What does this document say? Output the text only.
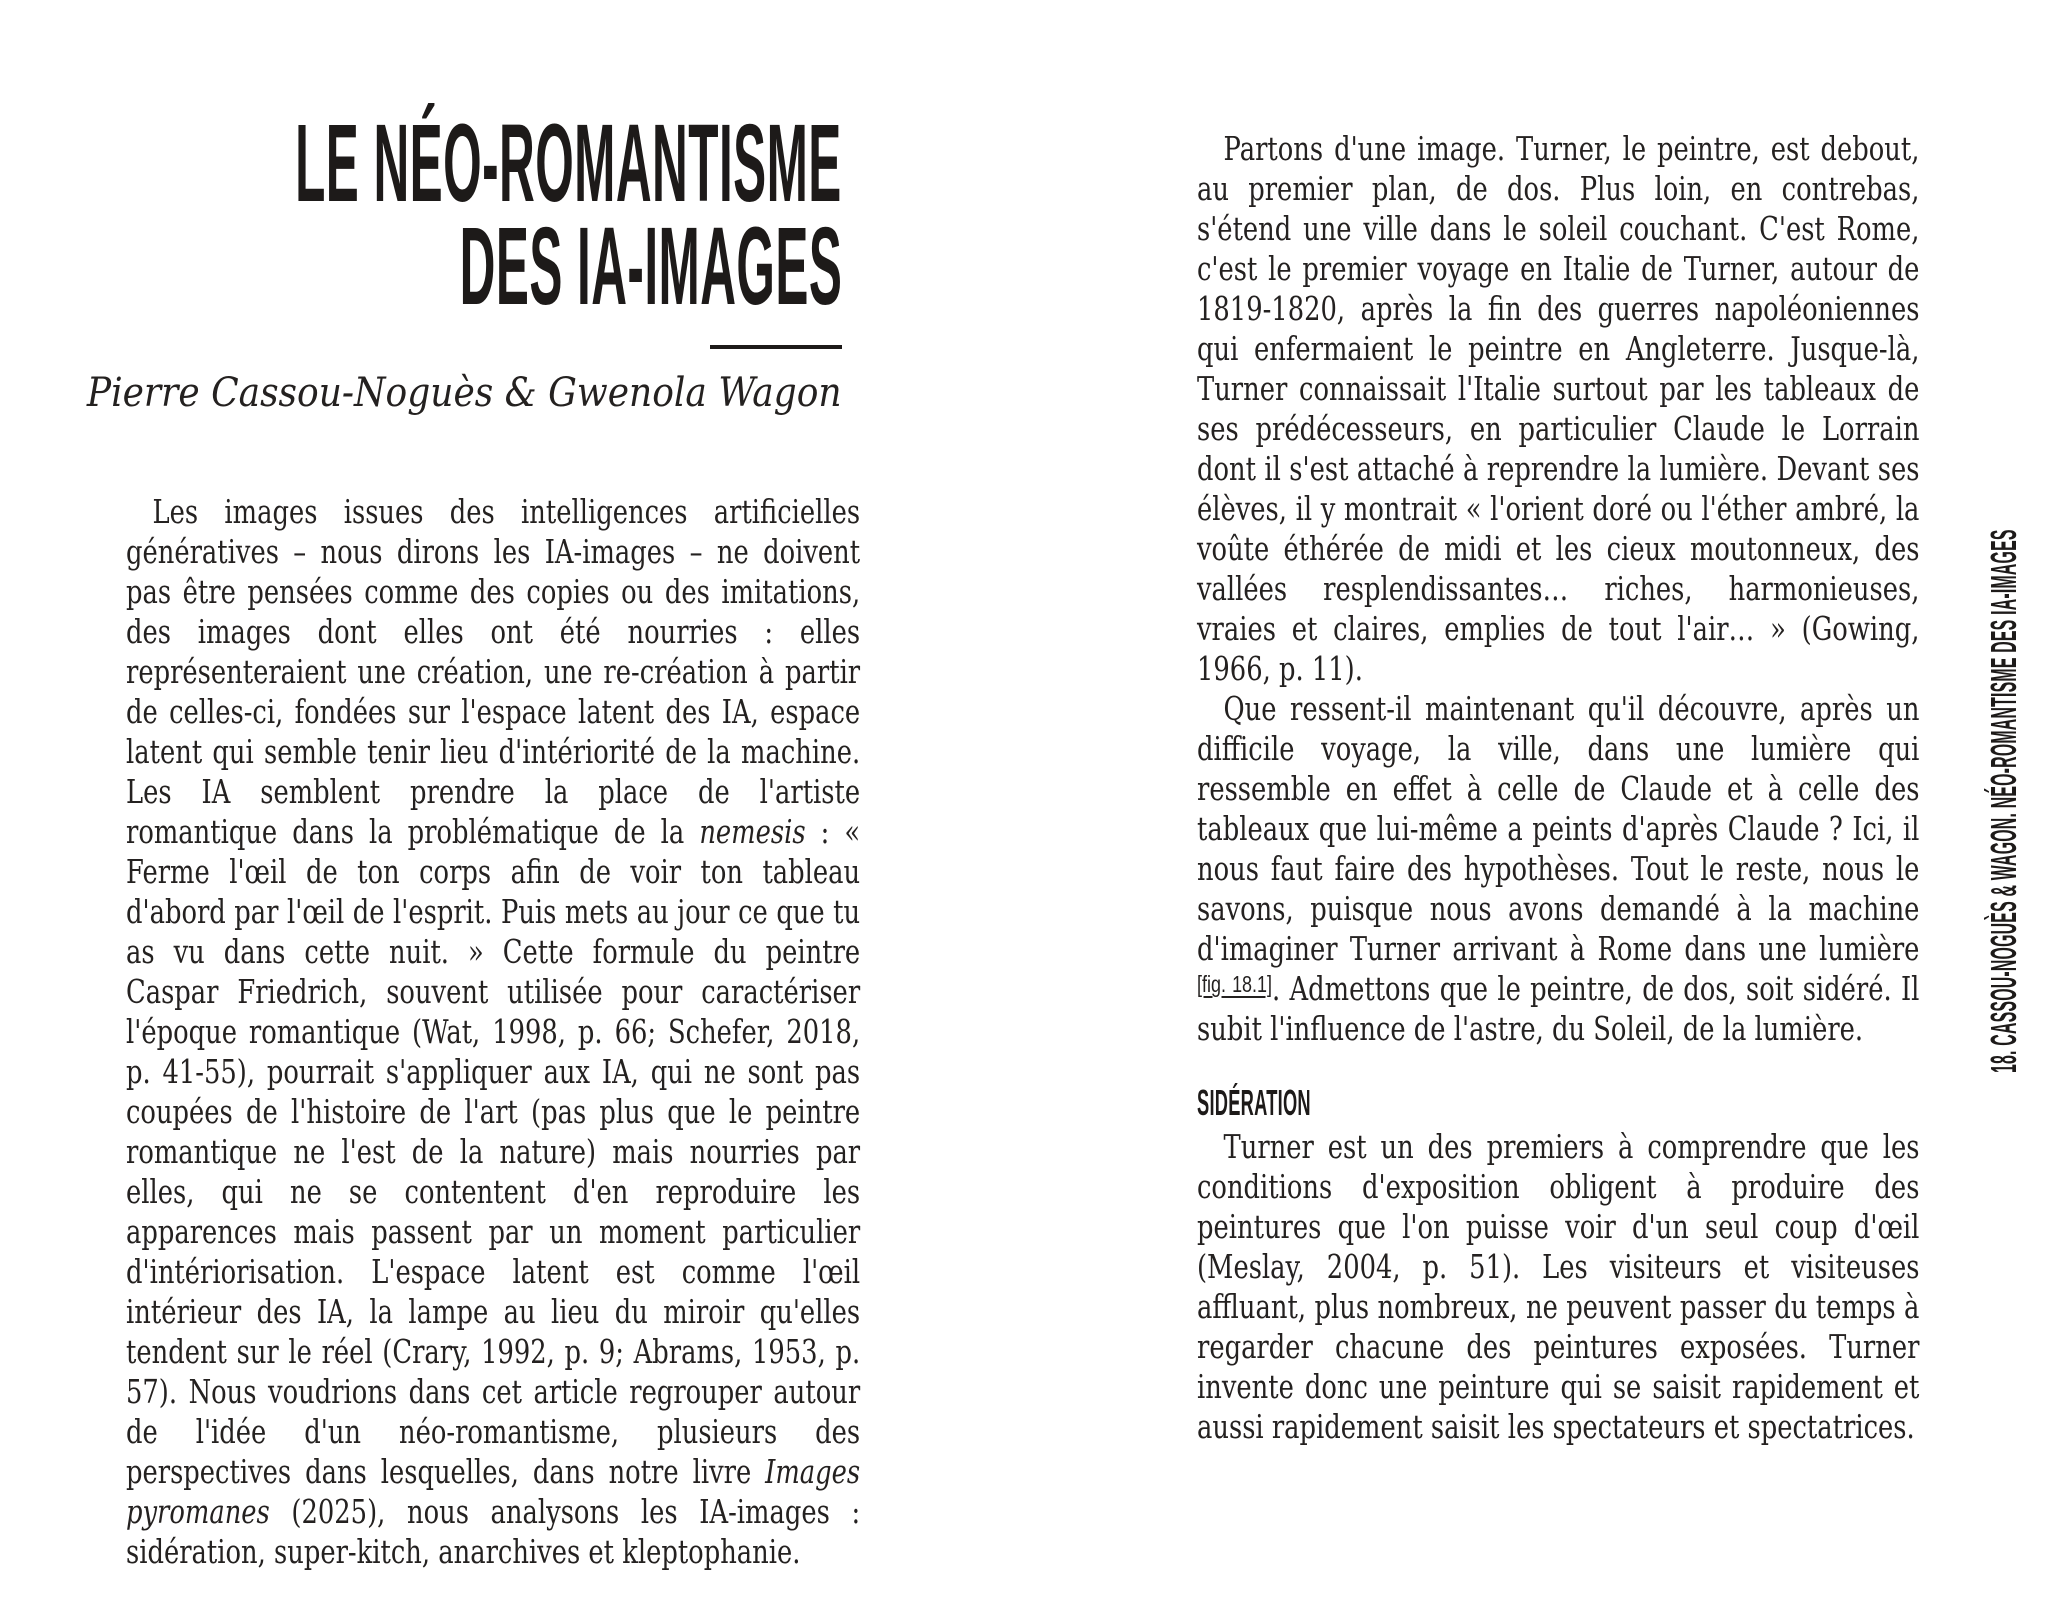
LE NÉO-ROMANTISME
DES IA-IMAGES
Pierre Cassou-Noguès & Gwenola Wagon

Les images issues des intelligences artificielles génératives – nous dirons les IA-images – ne doivent pas être pensées comme des copies ou des imitations, des images dont elles ont été nourries : elles représenteraient une création, une re-création à partir de celles-ci, fondées sur l'espace latent des IA, espace latent qui semble tenir lieu d'intériorité de la machine. Les IA semblent prendre la place de l'artiste romantique dans la problématique de la nemesis : « Ferme l'œil de ton corps afin de voir ton tableau d'abord par l'œil de l'esprit. Puis mets au jour ce que tu as vu dans cette nuit. » Cette formule du peintre Caspar Friedrich, souvent utilisée pour caractériser l'époque romantique (Wat, 1998, p. 66; Schefer, 2018, p. 41-55), pourrait s'appliquer aux IA, qui ne sont pas coupées de l'histoire de l'art (pas plus que le peintre romantique ne l'est de la nature) mais nourries par elles, qui ne se contentent d'en reproduire les apparences mais passent par un moment particulier d'intériorisation. L'espace latent est comme l'œil intérieur des IA, la lampe au lieu du miroir qu'elles tendent sur le réel (Crary, 1992, p. 9; Abrams, 1953, p. 57). Nous voudrions dans cet article regrouper autour de l'idée d'un néo-romantisme, plusieurs des perspectives dans lesquelles, dans notre livre Images pyromanes (2025), nous analysons les IA-images : sidération, super-kitch, anarchives et kleptophanie.

Partons d'une image. Turner, le peintre, est debout, au premier plan, de dos. Plus loin, en contrebas, s'étend une ville dans le soleil couchant. C'est Rome, c'est le premier voyage en Italie de Turner, autour de 1819-1820, après la fin des guerres napoléoniennes qui enfermaient le peintre en Angleterre. Jusque-là, Turner connaissait l'Italie surtout par les tableaux de ses prédécesseurs, en particulier Claude le Lorrain dont il s'est attaché à reprendre la lumière. Devant ses élèves, il y montrait « l'orient doré ou l'éther ambré, la voûte éthérée de midi et les cieux moutonneux, des vallées resplendissantes… riches, harmonieuses, vraies et claires, emplies de tout l'air… » (Gowing, 1966, p. 11).

Que ressent-il maintenant qu'il découvre, après un difficile voyage, la ville, dans une lumière qui ressemble en effet à celle de Claude et à celle des tableaux que lui-même a peints d'après Claude ? Ici, il nous faut faire des hypothèses. Tout le reste, nous le savons, puisque nous avons demandé à la machine d'imaginer Turner arrivant à Rome dans une lumière [fig. 18.1]. Admettons que le peintre, de dos, soit sidéré. Il subit l'influence de l'astre, du Soleil, de la lumière.

SIDÉRATION

Turner est un des premiers à comprendre que les conditions d'exposition obligent à produire des peintures que l'on puisse voir d'un seul coup d'œil (Meslay, 2004, p. 51). Les visiteurs et visiteuses affluant, plus nombreux, ne peuvent passer du temps à regarder chacune des peintures exposées. Turner invente donc une peinture qui se saisit rapidement et aussi rapidement saisit les spectateurs et spectatrices.

18. CASSOU-NOGUÈS & WAGON. NÉO-ROMANTISME DES IA-IMAGES
